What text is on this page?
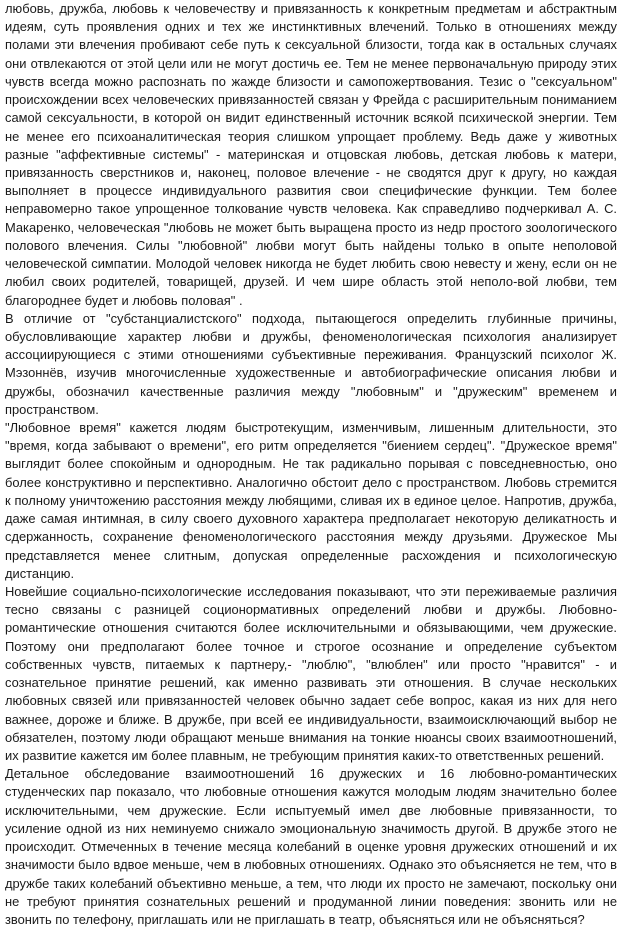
любовь, дружба, любовь к человечеству и привязанность к конкретным предметам и абстрактным идеям, суть проявления одних и тех же инстинктивных влечений. Только в отношениях между полами эти влечения пробивают себе путь к сексуальной близости, тогда как в остальных случаях они отвлекаются от этой цели или не могут достичь ее. Тем не менее первоначальную природу этих чувств всегда можно распознать по жажде близости и самопожертвования. Тезис о "сексуальном" происхождении всех человеческих привязанностей связан у Фрейда с расширительным пониманием самой сексуальности, в которой он видит единственный источник всякой психической энергии. Тем не менее его психоаналитическая теория слишком упрощает проблему. Ведь даже у животных разные "аффективные системы" - материнская и отцовская любовь, детская любовь к матери, привязанность сверстников и, наконец, половое влечение - не сводятся друг к другу, но каждая выполняет в процессе индивидуального развития свои специфические функции. Тем более неправомерно такое упрощенное толкование чувств человека. Как справедливо подчеркивал А. С. Макаренко, человеческая "любовь не может быть выращена просто из недр простого зоологического полового влечения. Силы "любовной" любви могут быть найдены только в опыте неполовой человеческой симпатии. Молодой человек никогда не будет любить свою невесту и жену, если он не любил своих родителей, товарищей, друзей. И чем шире область этой неполо-вой любви, тем благороднее будет и любовь половая" .

В отличие от "субстанциалистского" подхода, пытающегося определить глубинные причины, обусловливающие характер любви и дружбы, феноменологическая психология анализирует ассоциирующиеся с этими отношениями субъективные переживания. Французский психолог Ж. Мэзоннёв, изучив многочисленные художественные и автобиографические описания любви и дружбы, обозначил качественные различия между "любовным" и "дружеским" временем и пространством.

"Любовное время" кажется людям быстротекущим, изменчивым, лишенным длительности, это "время, когда забывают о времени", его ритм определяется "биением сердец". "Дружеское время" выглядит более спокойным и однородным. Не так радикально порывая с повседневностью, оно более конструктивно и перспективно. Аналогично обстоит дело с пространством. Любовь стремится к полному уничтожению расстояния между любящими, сливая их в единое целое. Напротив, дружба, даже самая интимная, в силу своего духовного характера предполагает некоторую деликатность и сдержанность, сохранение феноменологического расстояния между друзьями. Дружеское Мы представляется менее слитным, допуская определенные расхождения и психологическую дистанцию.

Новейшие социально-психологические исследования показывают, что эти переживаемые различия тесно связаны с разницей соционормативных определений любви и дружбы. Любовно-романтические отношения считаются более исключительными и обязывающими, чем дружеские. Поэтому они предполагают более точное и строгое осознание и определение субъектом собственных чувств, питаемых к партнеру,- "люблю", "влюблен" или просто "нравится" - и сознательное принятие решений, как именно развивать эти отношения. В случае нескольких любовных связей или привязанностей человек обычно задает себе вопрос, какая из них для него важнее, дороже и ближе. В дружбе, при всей ее индивидуальности, взаимоисключающий выбор не обязателен, поэтому люди обращают меньше внимания на тонкие нюансы своих взаимоотношений, их развитие кажется им более плавным, не требующим принятия каких-то ответственных решений.

Детальное обследование взаимоотношений 16 дружеских и 16 любовно-романтических студенческих пар показало, что любовные отношения кажутся молодым людям значительно более исключительными, чем дружеские. Если испытуемый имел две любовные привязанности, то усиление одной из них неминуемо снижало эмоциональную значимость другой. В дружбе этого не происходит. Отмеченных в течение месяца колебаний в оценке уровня дружеских отношений и их значимости было вдвое меньше, чем в любовных отношениях. Однако это объясняется не тем, что в дружбе таких колебаний объективно меньше, а тем, что люди их просто не замечают, поскольку они не требуют принятия сознательных решений и продуманной линии поведения: звонить или не звонить по телефону, приглашать или не приглашать в театр, объясняться или не объясняться?
